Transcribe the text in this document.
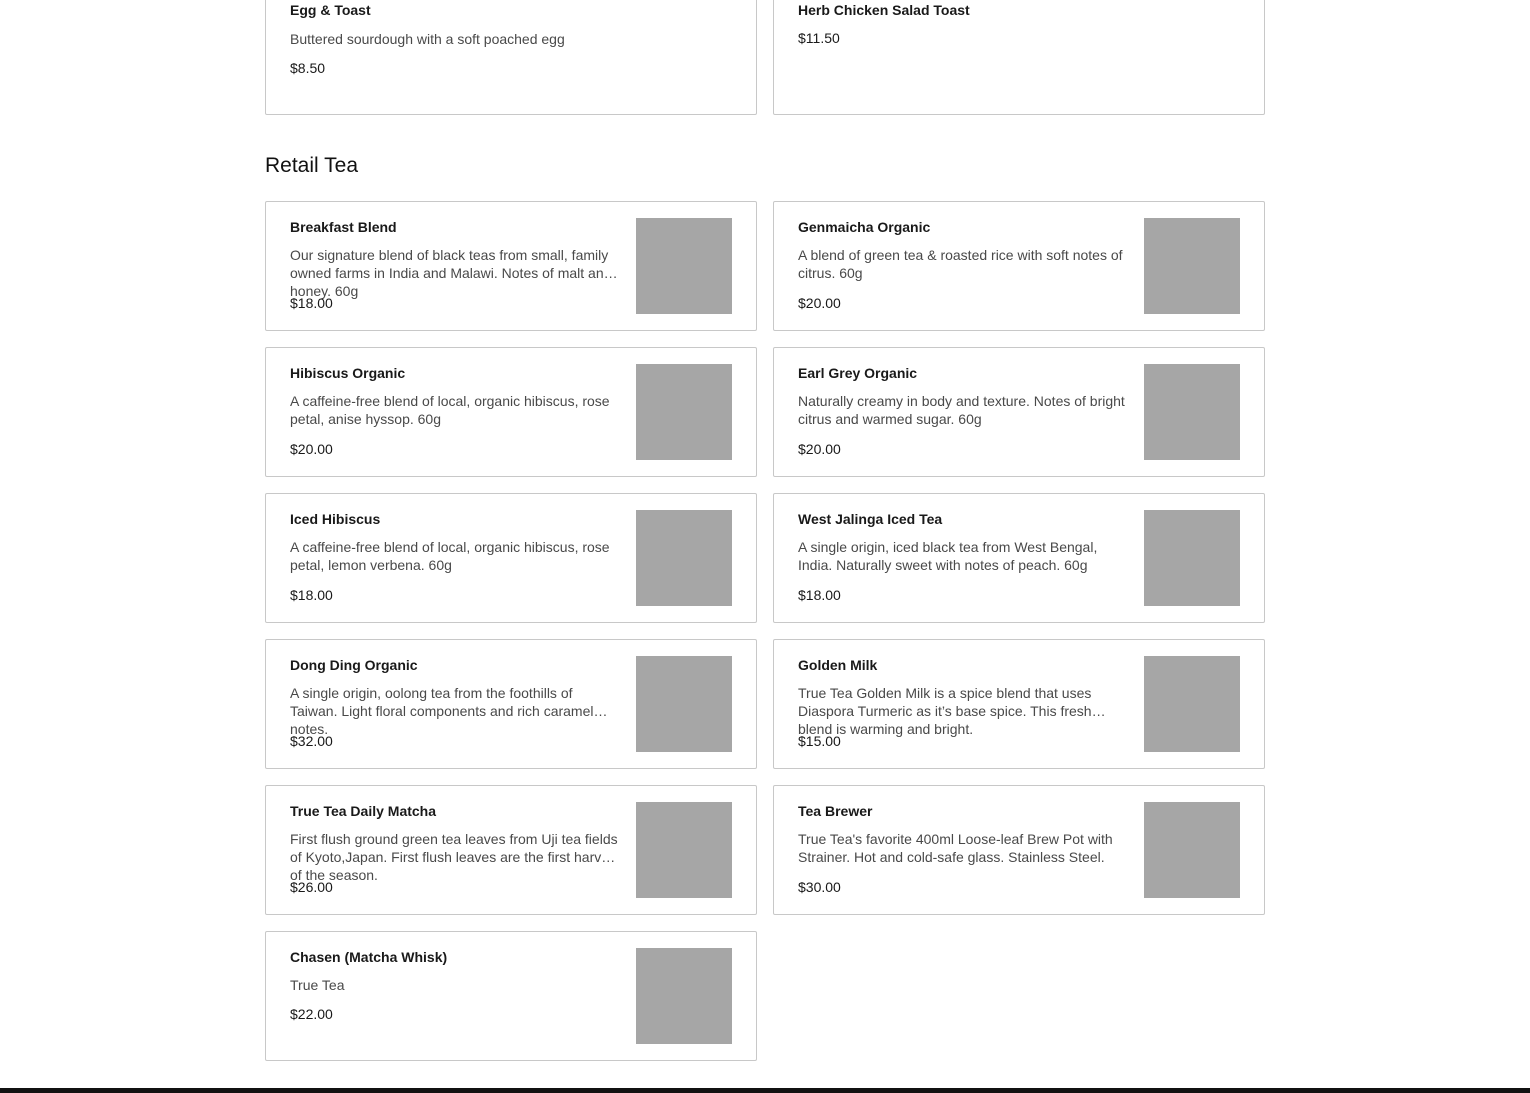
Egg & Toast
Buttered sourdough with a soft poached egg
$8.50
Herb Chicken Salad Toast
$11.50
Retail Tea
Breakfast Blend
Our signature blend of black teas from small, family owned farms in India and Malawi. Notes of malt and honey. 60g
$18.00
Genmaicha Organic
A blend of green tea & roasted rice with soft notes of citrus. 60g
$20.00
Hibiscus Organic
A caffeine-free blend of local, organic hibiscus, rose petal, anise hyssop. 60g
$20.00
Earl Grey Organic
Naturally creamy in body and texture. Notes of bright citrus and warmed sugar. 60g
$20.00
Iced Hibiscus
A caffeine-free blend of local, organic hibiscus, rose petal, lemon verbena. 60g
$18.00
West Jalinga Iced Tea
A single origin, iced black tea from West Bengal, India. Naturally sweet with notes of peach. 60g
$18.00
Dong Ding Organic
A single origin, oolong tea from the foothills of Taiwan. Light floral components and rich caramel notes.
$32.00
Golden Milk
True Tea Golden Milk is a spice blend that uses Diaspora Turmeric as it’s base spice. This fresh blend is warming and bright.
$15.00
True Tea Daily Matcha
First flush ground green tea leaves from Uji tea fields of Kyoto,Japan. First flush leaves are the first harvest of the season.
$26.00
Tea Brewer
True Tea's favorite 400ml Loose-leaf Brew Pot with Strainer. Hot and cold-safe glass. Stainless Steel.
$30.00
Chasen (Matcha Whisk)
True Tea
$22.00
